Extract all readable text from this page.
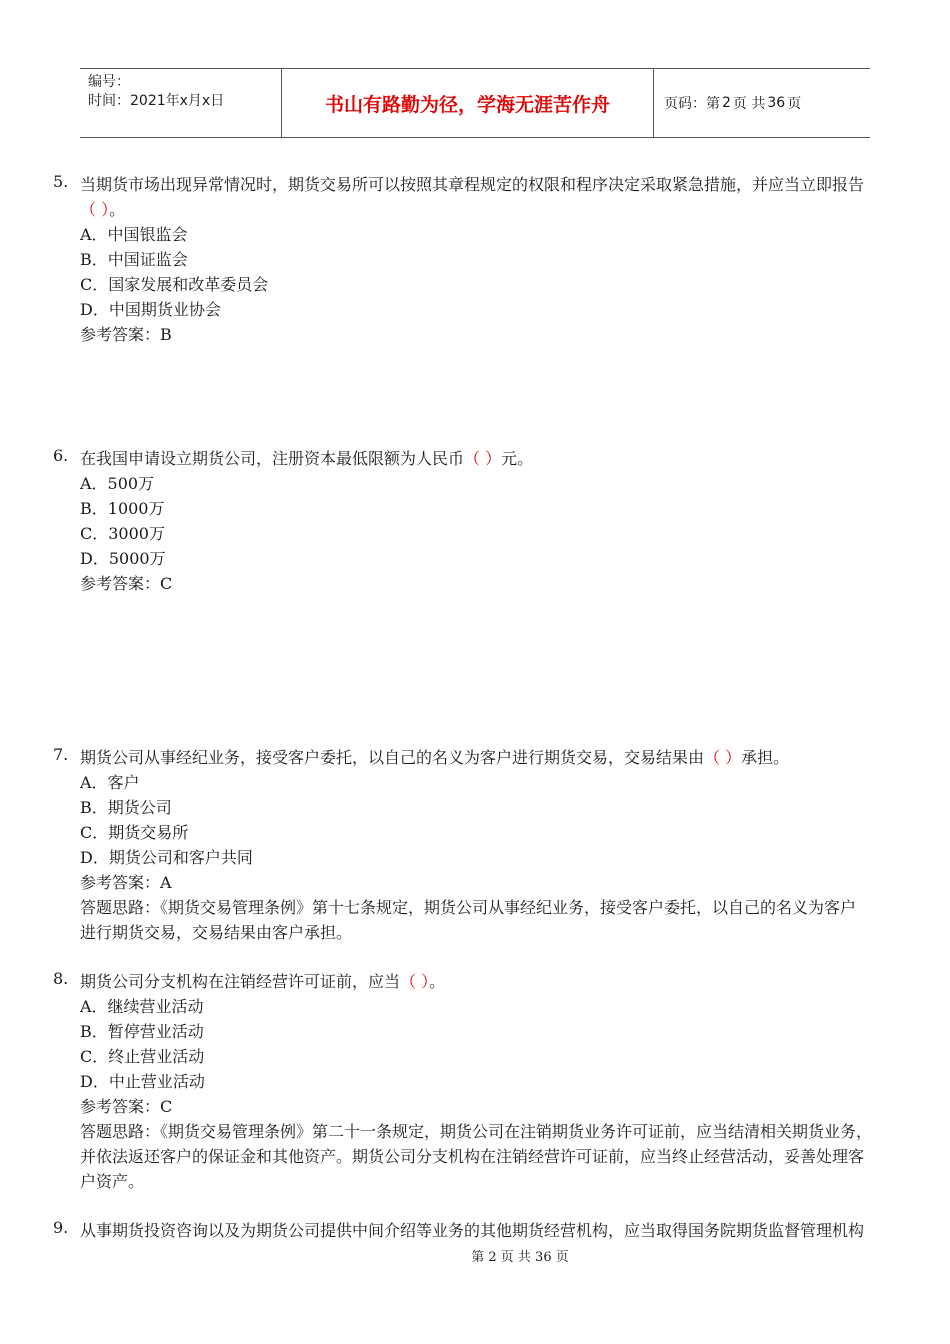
编号：
时间：2021年x月x日	书山有路勤为径，学海无涯苦作舟	页码：第 2 页 共 36 页
5. 当期货市场出现异常情况时，期货交易所可以按照其章程规定的权限和程序决定采取紧急措施，并应当立即报告
（ ）。
A．中国银监会
B．中国证监会
C．国家发展和改革委员会
D．中国期货业协会
参考答案：B
6. 在我国申请设立期货公司，注册资本最低限额为人民币（ ）元。
A．500万
B．1000万
C．3000万
D．5000万
参考答案：C
7. 期货公司从事经纪业务，接受客户委托，以自己的名义为客户进行期货交易，交易结果由（ ）承担。
A．客户
B．期货公司
C．期货交易所
D．期货公司和客户共同
参考答案：A
答题思路：《期货交易管理条例》第十七条规定，期货公司从事经纪业务，接受客户委托，以自己的名义为客户
进行期货交易，交易结果由客户承担。
8. 期货公司分支机构在注销经营许可证前，应当（ ）。
A．继续营业活动
B．暂停营业活动
C．终止营业活动
D．中止营业活动
参考答案：C
答题思路：《期货交易管理条例》第二十一条规定，期货公司在注销期货业务许可证前，应当结清相关期货业务，
并依法返还客户的保证金和其他资产。期货公司分支机构在注销经营许可证前，应当终止经营活动，妥善处理客
户资产。
9. 从事期货投资咨询以及为期货公司提供中间介绍等业务的其他期货经营机构，应当取得国务院期货监督管理机构
第 2 页 共 36 页
